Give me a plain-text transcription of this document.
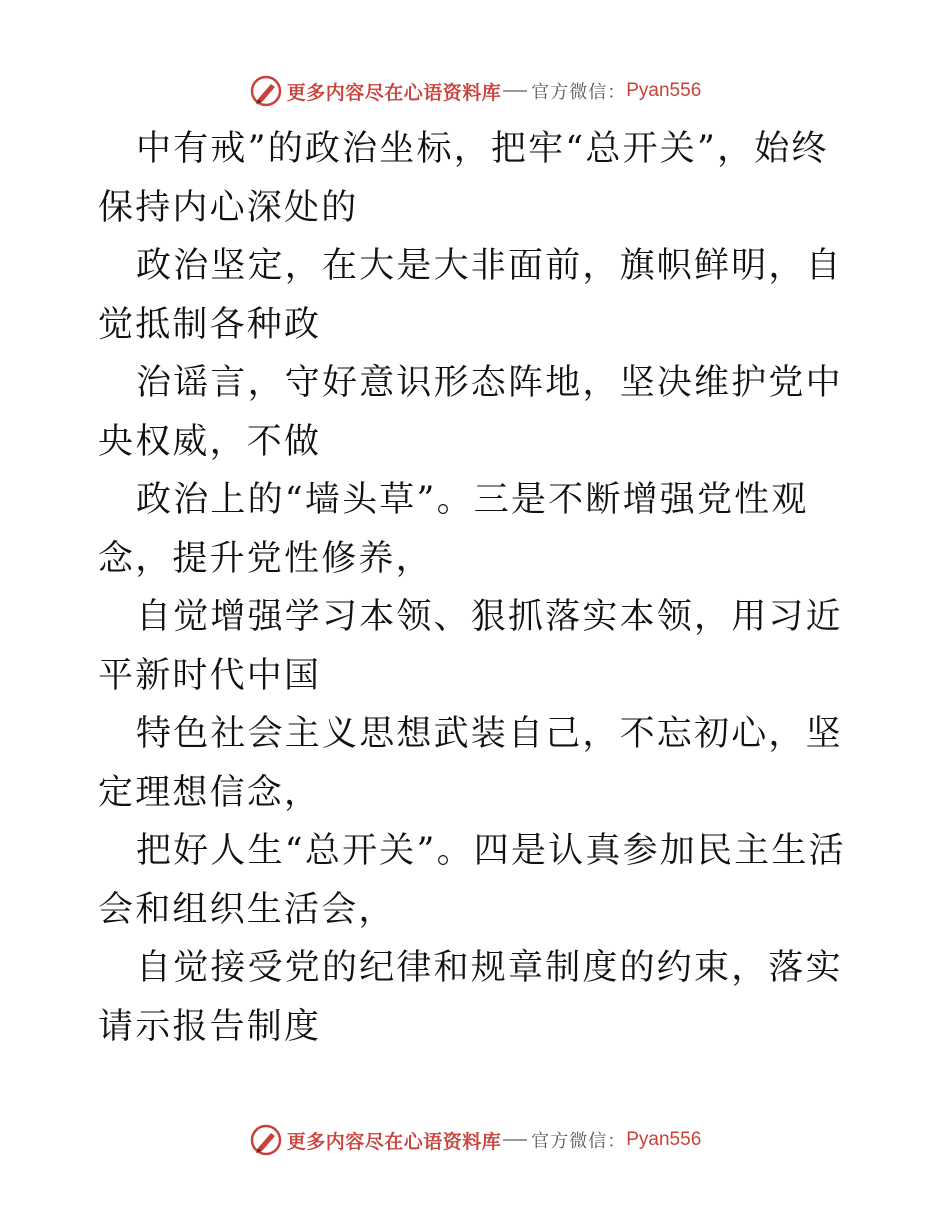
更多内容尽在心语资料库 官方微信： Pyan556

中有戒”的政治坐标，把牢“总开关”，始终保持内心深处的

政治坚定，在大是大非面前，旗帜鲜明，自觉抵制各种政

治谣言，守好意识形态阵地，坚决维护党中央权威，不做

政治上的“墙头草”。三是不断增强党性观念，提升党性修养，

自觉增强学习本领、狠抓落实本领，用习近平新时代中国

特色社会主义思想武装自己，不忘初心，坚定理想信念，

把好人生“总开关”。四是认真参加民主生活会和组织生活会，

自觉接受党的纪律和规章制度的约束，落实请示报告制度

更多内容尽在心语资料库 官方微信： Pyan556
